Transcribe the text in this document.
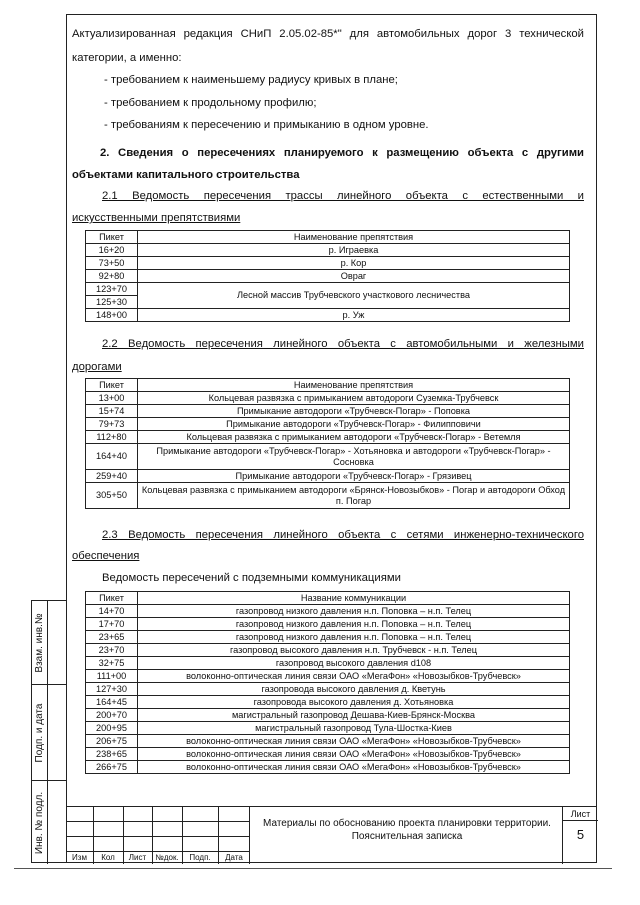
Актуализированная редакция СНиП 2.05.02-85*" для автомобильных дорог 3 технической
категории, а именно:
- требованием к наименьшему радиусу кривых в плане;
- требованием к продольному профилю;
- требованиям к пересечению и примыканию в одном уровне.
2. Сведения о пересечениях планируемого к размещению объекта с другими
объектами капитального строительства
2.1 Ведомость пересечения трассы линейного объекта с естественными и
искусственными препятствиями
Пикет	Наименование препятствия
16+20	р. Играевка
73+50	р. Кор
92+80	Овраг
123+70	Лесной массив Трубчевского участкового лесничества
125+30	
148+00	р. Уж
2.2 Ведомость пересечения линейного объекта с автомобильными и железными
дорогами
Пикет	Наименование препятствия
13+00	Кольцевая развязка с примыканием автодороги Суземка-Трубчевск
15+74	Примыкание автодороги «Трубчевск-Погар» - Поповка
79+73	Примыкание автодороги «Трубчевск-Погар» - Филипповичи
112+80	Кольцевая развязка с примыканием автодороги «Трубчевск-Погар» - Ветемля
164+40	Примыкание автодороги «Трубчевск-Погар» - Хотьяновка и автодороги «Трубчевск-Погар» - Сосновка
259+40	Примыкание автодороги «Трубчевск-Погар» - Грязивец
305+50	Кольцевая развязка с примыканием автодороги «Брянск-Новозыбков» - Погар и автодороги Обход п. Погар
2.3 Ведомость пересечения линейного объекта с сетями инженерно-технического
обеспечения
Ведомость пересечений с подземными коммуникациями
Пикет	Название коммуникации
14+70	газопровод низкого давления н.п. Поповка – н.п. Телец
17+70	газопровод низкого давления н.п. Поповка – н.п. Телец
23+65	газопровод низкого давления н.п. Поповка – н.п. Телец
23+70	газопровод высокого давления н.п. Трубчевск - н.п. Телец
32+75	газопровод высокого давления d108
111+00	волоконно-оптическая линия связи ОАО «МегаФон» «Новозыбков-Трубчевск»
127+30	газопровода высокого давления д. Кветунь
164+45	газопровода высокого давления д. Хотьяновка
200+70	магистральный газопровод Дешава-Киев-Брянск-Москва
200+95	магистральный газопровод Тула-Шостка-Киев
206+75	волоконно-оптическая линия связи ОАО «МегаФон» «Новозыбков-Трубчевск»
238+65	волоконно-оптическая линия связи ОАО «МегаФон» «Новозыбков-Трубчевск»
266+75	волоконно-оптическая линия связи ОАО «МегаФон» «Новозыбков-Трубчевск»
Взам. инв.№
Подп. и дата
Инв. № подл.
Изм	Кол	Лист	№док.	Подп.	Дата
Материалы по обоснованию проекта планировки территории.
Пояснительная записка
Лист
5
